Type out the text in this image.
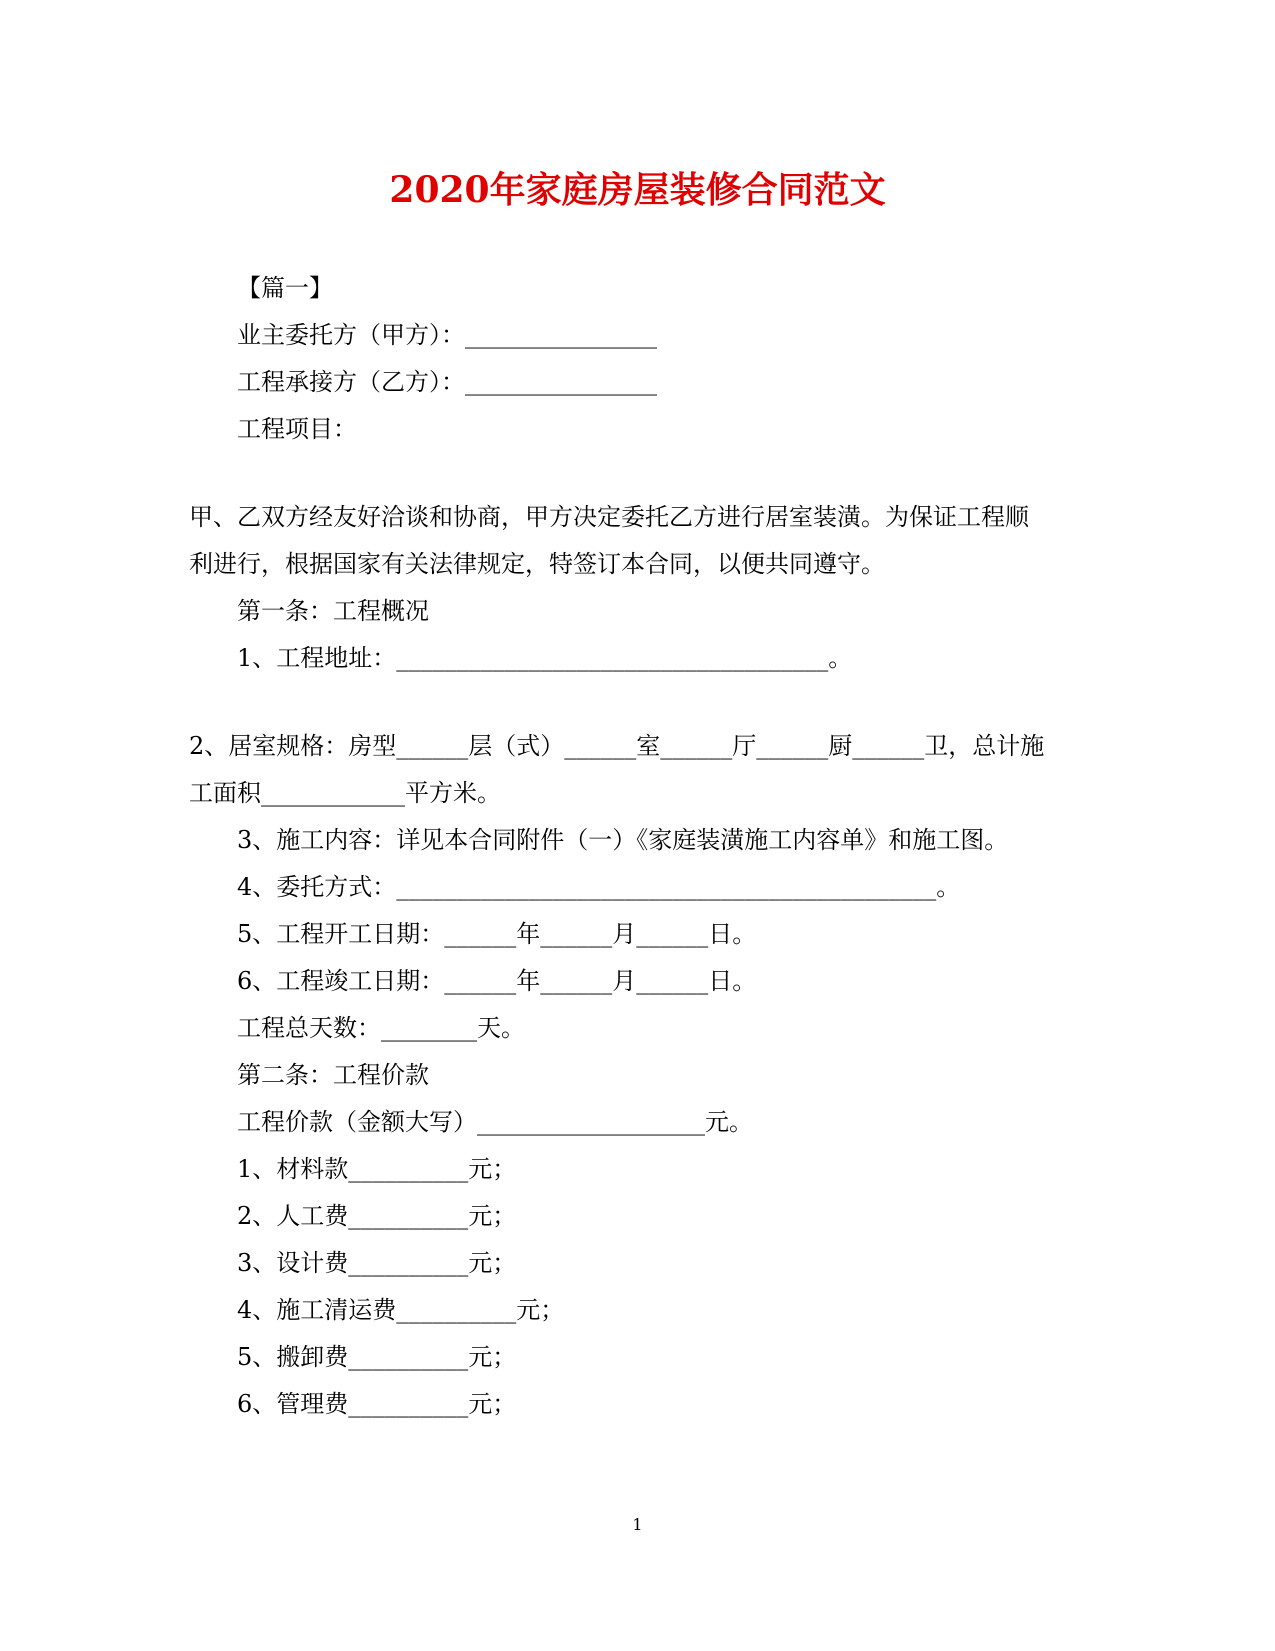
2020年家庭房屋装修合同范文
【篇一】
业主委托方（甲方）：________________
工程承接方（乙方）：________________
工程项目：
甲、乙双方经友好洽谈和协商，甲方决定委托乙方进行居室装潢。为保证工程顺
利进行，根据国家有关法律规定，特签订本合同，以便共同遵守。
第一条：工程概况
1、工程地址：____________________________________。
2、居室规格：房型______层（式）______室______厅______厨______卫，总计施
工面积____________平方米。
3、施工内容：详见本合同附件（一）《家庭装潢施工内容单》和施工图。
4、委托方式：_____________________________________________。
5、工程开工日期：______年______月______日。
6、工程竣工日期：______年______月______日。
工程总天数：________天。
第二条：工程价款
工程价款（金额大写）___________________元。
1、材料款__________元；
2、人工费__________元；
3、设计费__________元；
4、施工清运费__________元；
5、搬卸费__________元；
6、管理费__________元；
1
